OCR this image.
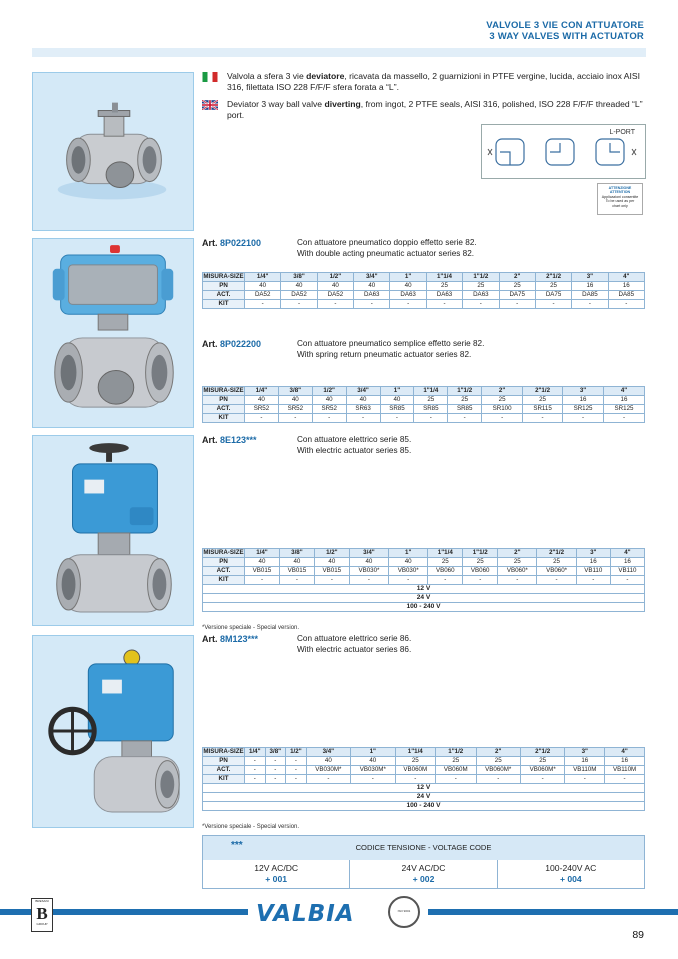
VALVOLE 3 VIE CON ATTUATORE
3 WAY VALVES WITH ACTUATOR
Valvola a sfera 3 vie deviatore, ricavata da massello, 2 guarnizioni in PTFE vergine, lucida, acciaio inox AISI 316, filettata ISO 228 F/F/F sfera forata a “L”.
Deviator 3 way ball valve diverting, from ingot, 2 PTFE seals, AISI 316, polished, ISO 228 F/F/F threaded “L” port.
L-PORT
ATTENZIONE
ATTENTION
Applicazioni consentite
To be used as per
chart only
Art. 8P022100	Con attuatore pneumatico doppio effetto serie 82.
With double acting pneumatic actuator series 82.
MISURA-SIZE	1/4"	3/8"	1/2"	3/4"	1"	1"1/4	1"1/2	2"	2"1/2	3"	4"
PN	40	40	40	40	40	25	25	25	25	16	16
ACT.	DA52	DA52	DA52	DA63	DA63	DA63	DA63	DA75	DA75	DA85	DA85
KIT	-	-	-	-	-	-	-	-	-	-	-
Art. 8P022200	Con attuatore pneumatico semplice effetto serie 82.
With spring return pneumatic actuator series 82.
MISURA-SIZE	1/4"	3/8"	1/2"	3/4"	1"	1"1/4	1"1/2	2"	2"1/2	3"	4"
PN	40	40	40	40	40	25	25	25	25	16	16
ACT.	SR52	SR52	SR52	SR63	SR85	SR85	SR85	SR100	SR115	SR125	SR125
KIT	-	-	-	-	-	-	-	-	-	-	-
Art. 8E123***	Con attuatore elettrico serie 85.
With electric actuator series 85.
MISURA-SIZE	1/4"	3/8"	1/2"	3/4"	1"	1"1/4	1"1/2	2"	2"1/2	3"	4"
PN	40	40	40	40	40	25	25	25	25	16	16
ACT.	VB015	VB015	VB015	VB030*	VB030*	VB060	VB060	VB060*	VB060*	VB110	VB110
KIT	-	-	-	-	-	-	-	-	-	-	-
12 V											
24 V											
100 - 240 V											
*Versione speciale - Special version.
Art. 8M123***	Con attuatore elettrico serie 86.
With electric actuator series 86.
MISURA-SIZE	1/4"	3/8"	1/2"	3/4"	1"	1"1/4	1"1/2	2"	2"1/2	3"	4"
PN	-	-	-	40	40	25	25	25	25	16	16
ACT.	-	-	-	VB030M*	VB030M*	VB060M	VB060M	VB060M*	VB060M*	VB110M	VB110M
KIT	-	-	-	-	-	-	-	-	-	-	-
12 V											
24 V											
100 - 240 V											
*Versione speciale - Special version.
***	CODICE TENSIONE - VOLTAGE CODE
12V AC/DC
+ 001
24V AC/DC
+ 002
100-240V AC
+ 004
BRESANI
B
GROUP	VALBIA	ISO 9001
89
